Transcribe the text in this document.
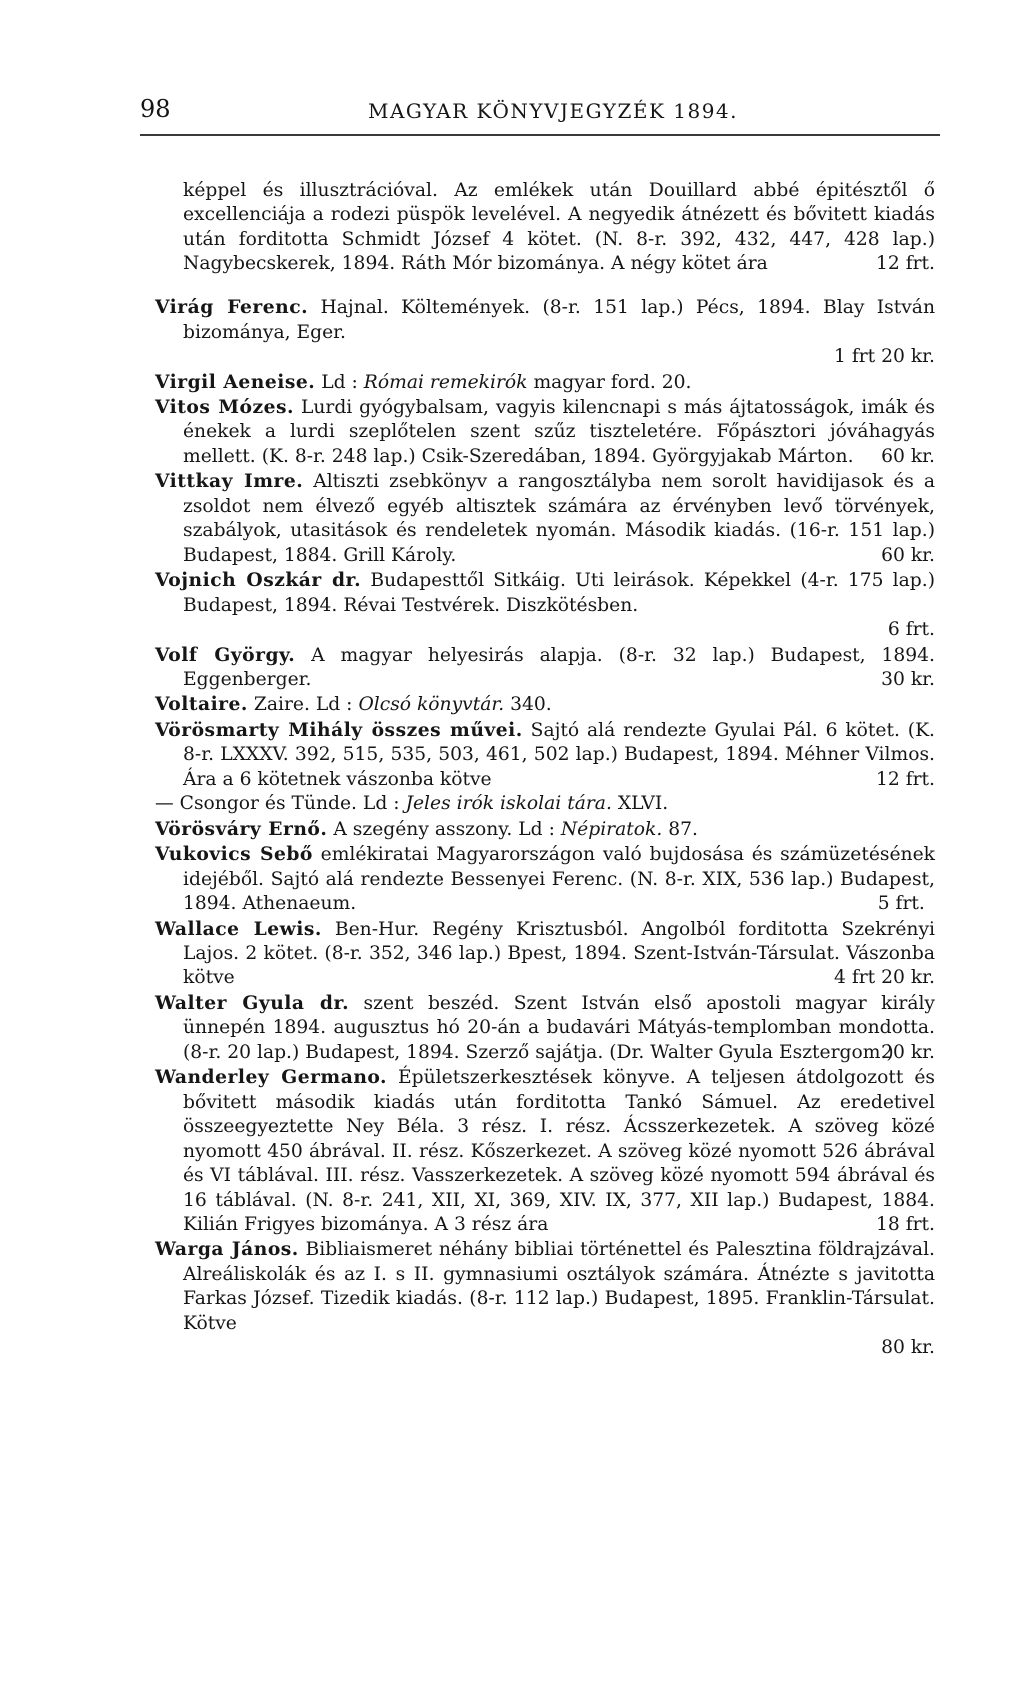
98	MAGYAR KÖNYVJEGYZÉK 1894.

képpel és illusztrációval. Az emlékek után Douillard abbé épitésztől ő excellenciája a rodezi püspök levelével. A negyedik átnézett és bővitett kiadás után forditotta Schmidt József 4 kötet. (N. 8-r. 392, 432, 447, 428 lap.) Nagybecskerek, 1894. Ráth Mór bizománya. A négy kötet ára	12 frt.

Virág Ferenc. Hajnal. Költemények. (8-r. 151 lap.) Pécs, 1894. Blay István bizománya, Eger.
1 frt 20 kr.

Virgil Aeneise. Ld : Római remekirók magyar ford. 20.

Vitos Mózes. Lurdi gyógybalsam, vagyis kilencnapi s más ájtatosságok, imák és énekek a lurdi szeplőtelen szent szűz tiszteletére. Főpásztori jóváhagyás mellett. (K. 8-r. 248 lap.) Csik-Szeredában, 1894. Györgyjakab Márton. 60 kr.

Vittkay Imre. Altiszti zsebkönyv a rangosztályba nem sorolt havidijasok és a zsoldot nem élvező egyéb altisztek számára az érvényben levő törvények, szabályok, utasitások és rendeletek nyomán. Második kiadás. (16-r. 151 lap.) Budapest, 1884. Grill Károly.	60 kr.

Vojnich Oszkár dr. Budapesttől Sitkáig. Uti leirások. Képekkel (4-r. 175 lap.) Budapest, 1894. Révai Testvérek. Diszkötésben.
6 frt.

Volf György. A magyar helyesirás alapja. (8-r. 32 lap.) Budapest, 1894. Eggenberger.	30 kr.

Voltaire. Zaire. Ld : Olcsó könyvtár. 340.

Vörösmarty Mihály összes művei. Sajtó alá rendezte Gyulai Pál. 6 kötet. (K. 8-r. LXXXV. 392, 515, 535, 503, 461, 502 lap.) Budapest, 1894. Méhner Vilmos. Ára a 6 kötetnek vászonba kötve	12 frt.

— Csongor és Tünde. Ld : Jeles irók iskolai tára. XLVI.

Vörösváry Ernő. A szegény asszony. Ld : Népiratok. 87.

Vukovics Sebő emlékiratai Magyarországon való bujdosása és számüzetésének idejéből. Sajtó alá rendezte Bessenyei Ferenc. (N. 8-r. XIX, 536 lap.) Budapest, 1894. Athenaeum.	5 frt.

Wallace Lewis. Ben-Hur. Regény Krisztusból. Angolból forditotta Szekrényi Lajos. 2 kötet. (8-r. 352, 346 lap.) Bpest, 1894. Szent-István-Társulat. Vászonba kötve	4 frt 20 kr.

Walter Gyula dr. szent beszéd. Szent István első apostoli magyar király ünnepén 1894. augusztus hó 20-án a budavári Mátyás-templomban mondotta. (8-r. 20 lap.) Budapest, 1894. Szerző sajátja. (Dr. Walter Gyula Esztergom.)
20 kr.

Wanderley Germano. Épületszerkesztések könyve. A teljesen átdolgozott és bővitett második kiadás után forditotta Tankó Sámuel. Az eredetivel összeegyeztette Ney Béla. 3 rész. I. rész. Ácsszerkezetek. A szöveg közé nyomott 450 ábrával. II. rész. Kőszerkezet. A szöveg közé nyomott 526 ábrával és VI táblával. III. rész. Vasszerkezetek. A szöveg közé nyomott 594 ábrával és 16 táblával. (N. 8-r. 241, XII, XI, 369, XIV. IX, 377, XII lap.) Budapest, 1884. Kilián Frigyes bizománya. A 3 rész ára	18 frt.

Warga János. Bibliaismeret néhány bibliai történettel és Palesztina földrajzával. Alreáliskolák és az I. s II. gymnasiumi osztályok számára. Átnézte s javitotta Farkas József. Tizedik kiadás. (8-r. 112 lap.) Budapest, 1895. Franklin-Társulat. Kötve
80 kr.
